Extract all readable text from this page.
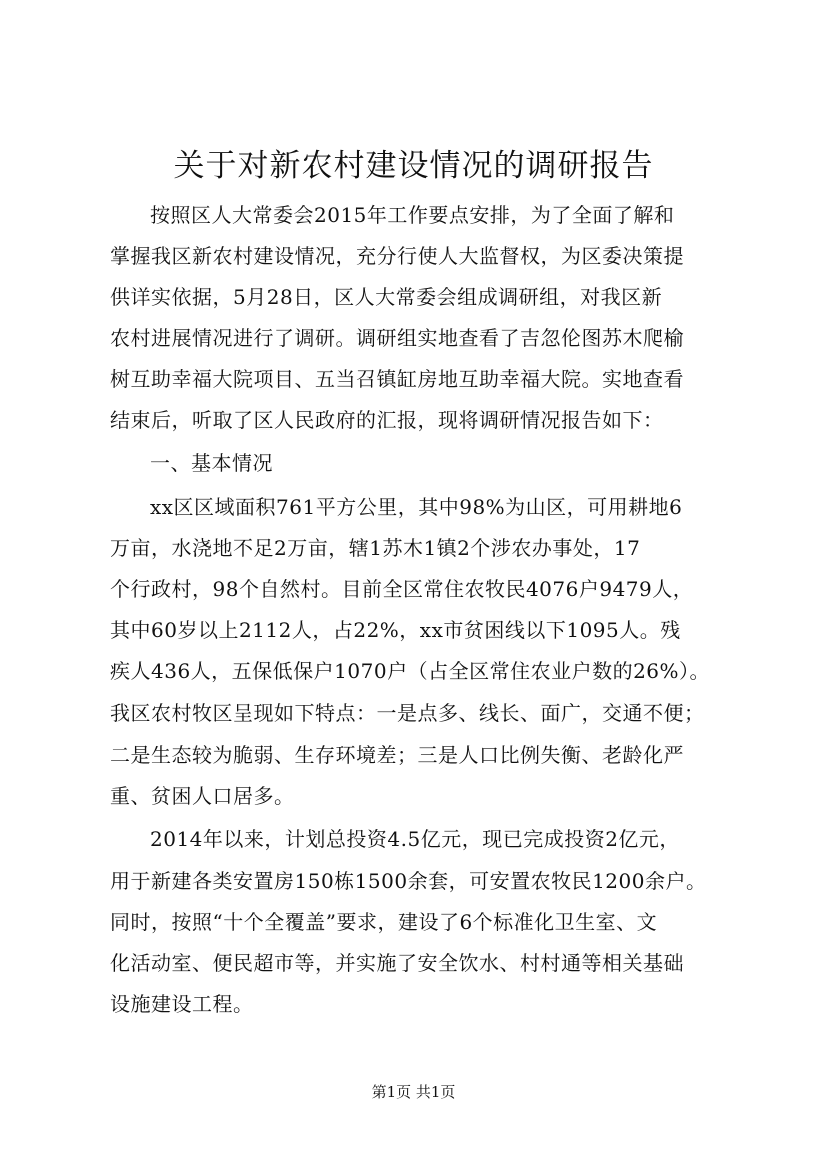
关于对新农村建设情况的调研报告
按照区人大常委会2015年工作要点安排，为了全面了解和
掌握我区新农村建设情况，充分行使人大监督权，为区委决策提
供详实依据，5月28日，区人大常委会组成调研组，对我区新
农村进展情况进行了调研。调研组实地查看了吉忽伦图苏木爬榆
树互助幸福大院项目、五当召镇缸房地互助幸福大院。实地查看
结束后，听取了区人民政府的汇报，现将调研情况报告如下：
一、基本情况
xx区区域面积761平方公里，其中98%为山区，可用耕地6
万亩，水浇地不足2万亩，辖1苏木1镇2个涉农办事处，17
个行政村，98个自然村。目前全区常住农牧民4076户9479人，
其中60岁以上2112人，占22%，xx市贫困线以下1095人。残
疾人436人，五保低保户1070户（占全区常住农业户数的26%）。
我区农村牧区呈现如下特点：一是点多、线长、面广，交通不便；
二是生态较为脆弱、生存环境差；三是人口比例失衡、老龄化严
重、贫困人口居多。
2014年以来，计划总投资4.5亿元，现已完成投资2亿元，
用于新建各类安置房150栋1500余套，可安置农牧民1200余户。
同时，按照“十个全覆盖”要求，建设了6个标准化卫生室、文
化活动室、便民超市等，并实施了安全饮水、村村通等相关基础
设施建设工程。
第1页 共1页
